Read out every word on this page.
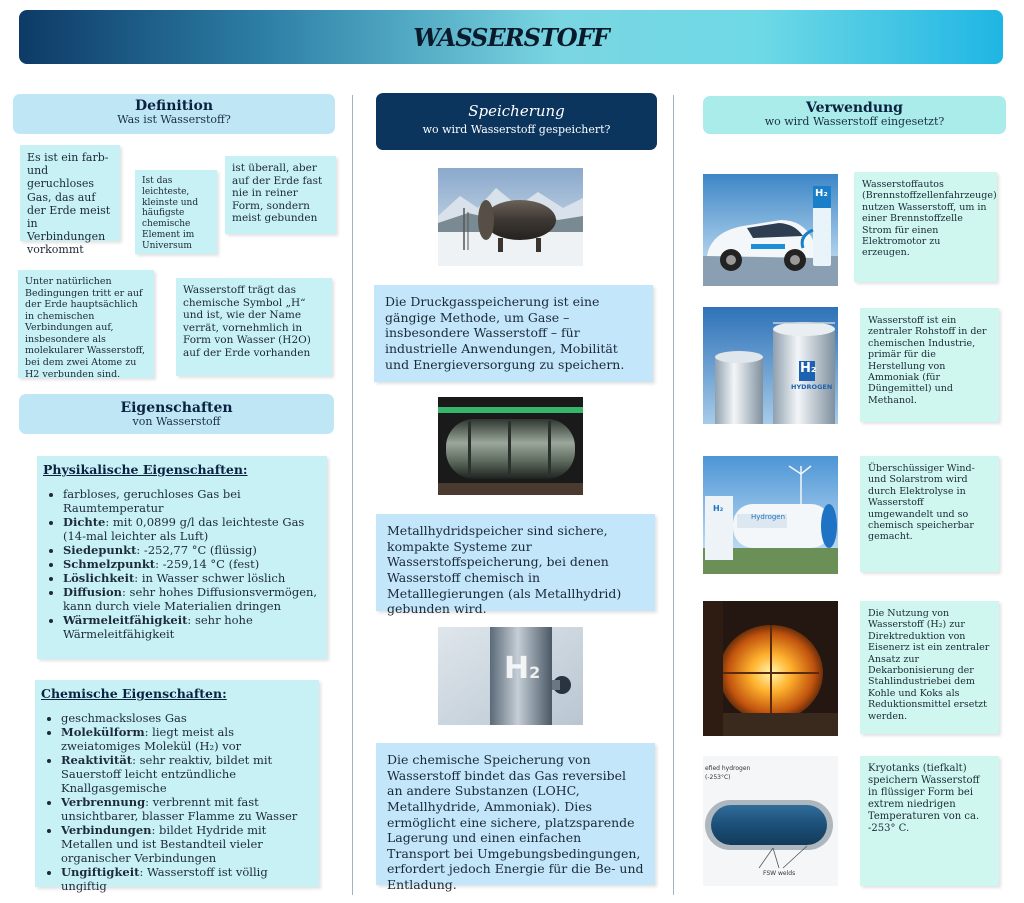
WASSERSTOFF
Definition
Was ist Wasserstoff?
Es ist ein farb- und geruchloses Gas, das auf der Erde meist in Verbindungen vorkommt
Ist das leichteste, kleinste und häufigste chemische Element im Universum
ist überall, aber auf der Erde fast nie in reiner Form, sondern meist gebunden
Unter natürlichen Bedingungen tritt er auf der Erde hauptsächlich in chemischen Verbindungen auf, insbesondere als molekularer Wasserstoff, bei dem zwei Atome zu H2 verbunden sind.
Wasserstoff trägt das chemische Symbol „H“ und ist, wie der Name verrät, vornehmlich in Form von Wasser (H2O) auf der Erde vorhanden
Eigenschaften
von Wasserstoff
Physikalische Eigenschaften:
• farbloses, geruchloses Gas bei Raumtemperatur
• Dichte: mit 0,0899 g/l das leichteste Gas (14-mal leichter als Luft)
• Siedepunkt: -252,77 °C (flüssig)
• Schmelzpunkt: -259,14 °C (fest)
• Löslichkeit: in Wasser schwer löslich
• Diffusion: sehr hohes Diffusionsvermögen, kann durch viele Materialien dringen
• Wärmeleitfähigkeit: sehr hohe Wärmeleitfähigkeit
Chemische Eigenschaften:
• geschmacksloses Gas
• Molekülform: liegt meist als zweiatomiges Molekül (H₂) vor
• Reaktivität: sehr reaktiv, bildet mit Sauerstoff leicht entzündliche Knallgasgemische
• Verbrennung: verbrennt mit fast unsichtbarer, blasser Flamme zu Wasser
• Verbindungen: bildet Hydride mit Metallen und ist Bestandteil vieler organischer Verbindungen
• Ungiftigkeit: Wasserstoff ist völlig ungiftig
Speicherung
wo wird Wasserstoff gespeichert?
Die Druckgasspeicherung ist eine gängige Methode, um Gase – insbesondere Wasserstoff – für industrielle Anwendungen, Mobilität und Energieversorgung zu speichern.
Metallhydridspeicher sind sichere, kompakte Systeme zur Wasserstoffspeicherung, bei denen Wasserstoff chemisch in Metalllegierungen (als Metallhydrid) gebunden wird.
H2
Die chemische Speicherung von Wasserstoff bindet das Gas reversibel an andere Substanzen (LOHC, Metallhydride, Ammoniak). Dies ermöglicht eine sichere, platzsparende Lagerung und einen einfachen Transport bei Umgebungsbedingungen, erfordert jedoch Energie für die Be- und Entladung.
Verwendung
wo wird Wasserstoff eingesetzt?
H₂
Wasserstoffautos (Brennstoffzellenfahrzeuge) nutzen Wasserstoff, um in einer Brennstoffzelle Strom für einen Elektromotor zu erzeugen.
H₂
HYDROGEN
Wasserstoff ist ein zentraler Rohstoff in der chemischen Industrie, primär für die Herstellung von Ammoniak (für Düngemittel) und Methanol.
H₂
Hydrogen
Überschüssiger Wind- und Solarstrom wird durch Elektrolyse in Wasserstoff umgewandelt und so chemisch speicherbar gemacht.
Die Nutzung von Wasserstoff (H₂) zur Direktreduktion von Eisenerz ist ein zentraler Ansatz zur Dekarbonisierung der Stahlindustriebei dem Kohle und Koks als Reduktionsmittel ersetzt werden.
efied hydrogen
(-253°C)
FSW welds
Kryotanks (tiefkalt) speichern Wasserstoff in flüssiger Form bei extrem niedrigen Temperaturen von ca. -253° C.
